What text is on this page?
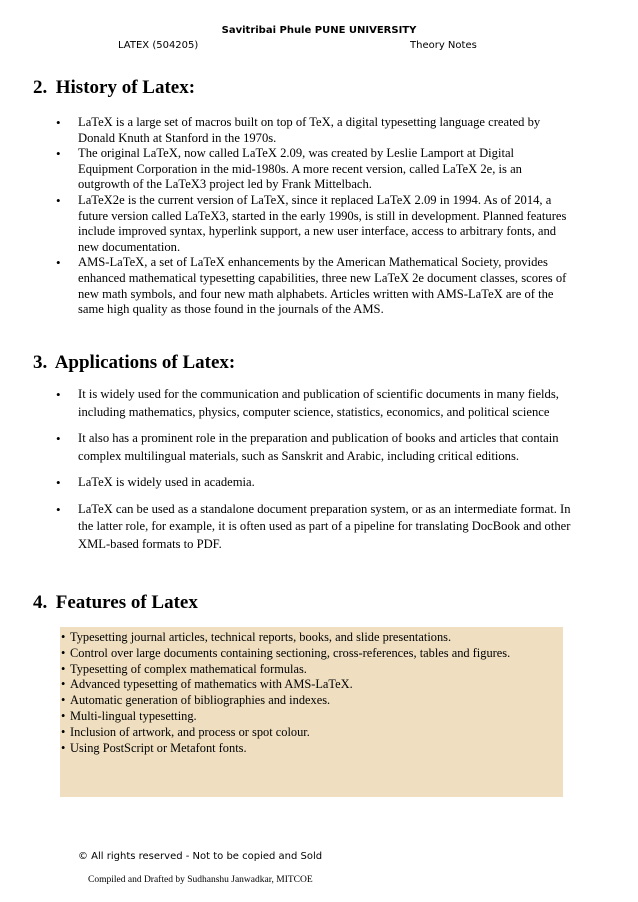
Savitribai Phule PUNE UNIVERSITY
LATEX (504205)	Theory Notes
2. History of Latex:
• LaTeX is a large set of macros built on top of TeX, a digital typesetting language created by Donald Knuth at Stanford in the 1970s.
• The original LaTeX, now called LaTeX 2.09, was created by Leslie Lamport at Digital Equipment Corporation in the mid-1980s. A more recent version, called LaTeX 2e, is an outgrowth of the LaTeX3 project led by Frank Mittelbach.
• LaTeX2e is the current version of LaTeX, since it replaced LaTeX 2.09 in 1994. As of 2014, a future version called LaTeX3, started in the early 1990s, is still in development. Planned features include improved syntax, hyperlink support, a new user interface, access to arbitrary fonts, and new documentation.
• AMS-LaTeX, a set of LaTeX enhancements by the American Mathematical Society, provides enhanced mathematical typesetting capabilities, three new LaTeX 2e document classes, scores of new math symbols, and four new math alphabets. Articles written with AMS-LaTeX are of the same high quality as those found in the journals of the AMS.
3. Applications of Latex:
• It is widely used for the communication and publication of scientific documents in many fields, including mathematics, physics, computer science, statistics, economics, and political science
• It also has a prominent role in the preparation and publication of books and articles that contain complex multilingual materials, such as Sanskrit and Arabic, including critical editions.
• LaTeX is widely used in academia.
• LaTeX can be used as a standalone document preparation system, or as an intermediate format. In the latter role, for example, it is often used as part of a pipeline for translating DocBook and other XML-based formats to PDF.
4. Features of Latex
• Typesetting journal articles, technical reports, books, and slide presentations.
• Control over large documents containing sectioning, cross-references, tables and figures.
• Typesetting of complex mathematical formulas.
• Advanced typesetting of mathematics with AMS-LaTeX.
• Automatic generation of bibliographies and indexes.
• Multi-lingual typesetting.
• Inclusion of artwork, and process or spot colour.
• Using PostScript or Metafont fonts.
© All rights reserved - Not to be copied and Sold
Compiled and Drafted by Sudhanshu Janwadkar, MITCOE
